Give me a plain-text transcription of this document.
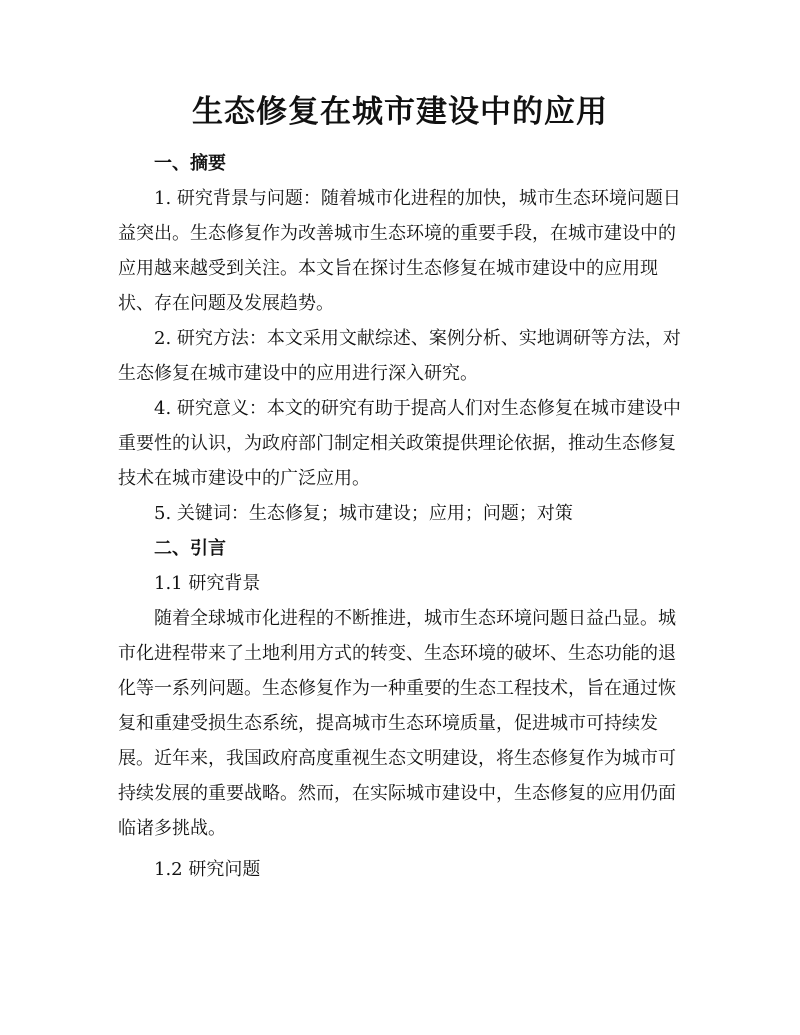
生态修复在城市建设中的应用

一、摘要

1. 研究背景与问题：随着城市化进程的加快，城市生态环境问题日益突出。生态修复作为改善城市生态环境的重要手段，在城市建设中的应用越来越受到关注。本文旨在探讨生态修复在城市建设中的应用现状、存在问题及发展趋势。

2. 研究方法：本文采用文献综述、案例分析、实地调研等方法，对生态修复在城市建设中的应用进行深入研究。

4. 研究意义：本文的研究有助于提高人们对生态修复在城市建设中重要性的认识，为政府部门制定相关政策提供理论依据，推动生态修复技术在城市建设中的广泛应用。

5. 关键词：生态修复；城市建设；应用；问题；对策

二、引言

1.1 研究背景

随着全球城市化进程的不断推进，城市生态环境问题日益凸显。城市化进程带来了土地利用方式的转变、生态环境的破坏、生态功能的退化等一系列问题。生态修复作为一种重要的生态工程技术，旨在通过恢复和重建受损生态系统，提高城市生态环境质量，促进城市可持续发展。近年来，我国政府高度重视生态文明建设，将生态修复作为城市可持续发展的重要战略。然而，在实际城市建设中，生态修复的应用仍面临诸多挑战。

1.2 研究问题
